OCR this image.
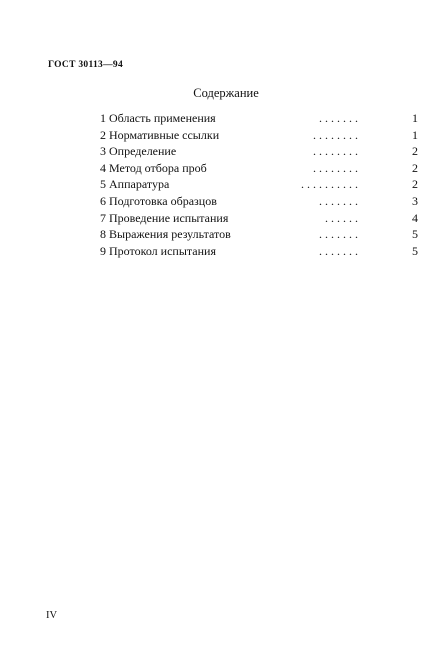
ГОСТ 30113—94
Содержание
1 Область применения	. . . . . . .	1
2 Нормативные ссылки	. . . . . . . .	1
3 Определение	. . . . . . . .	2
4 Метод отбора проб	. . . . . . . .	2
5 Аппаратура	. . . . . . . . . .	2
6 Подготовка образцов	. . . . . . .	3
7 Проведение испытания	. . . . . .	4
8 Выражения результатов	. . . . . . .	5
9 Протокол испытания	. . . . . . .	5
IV
